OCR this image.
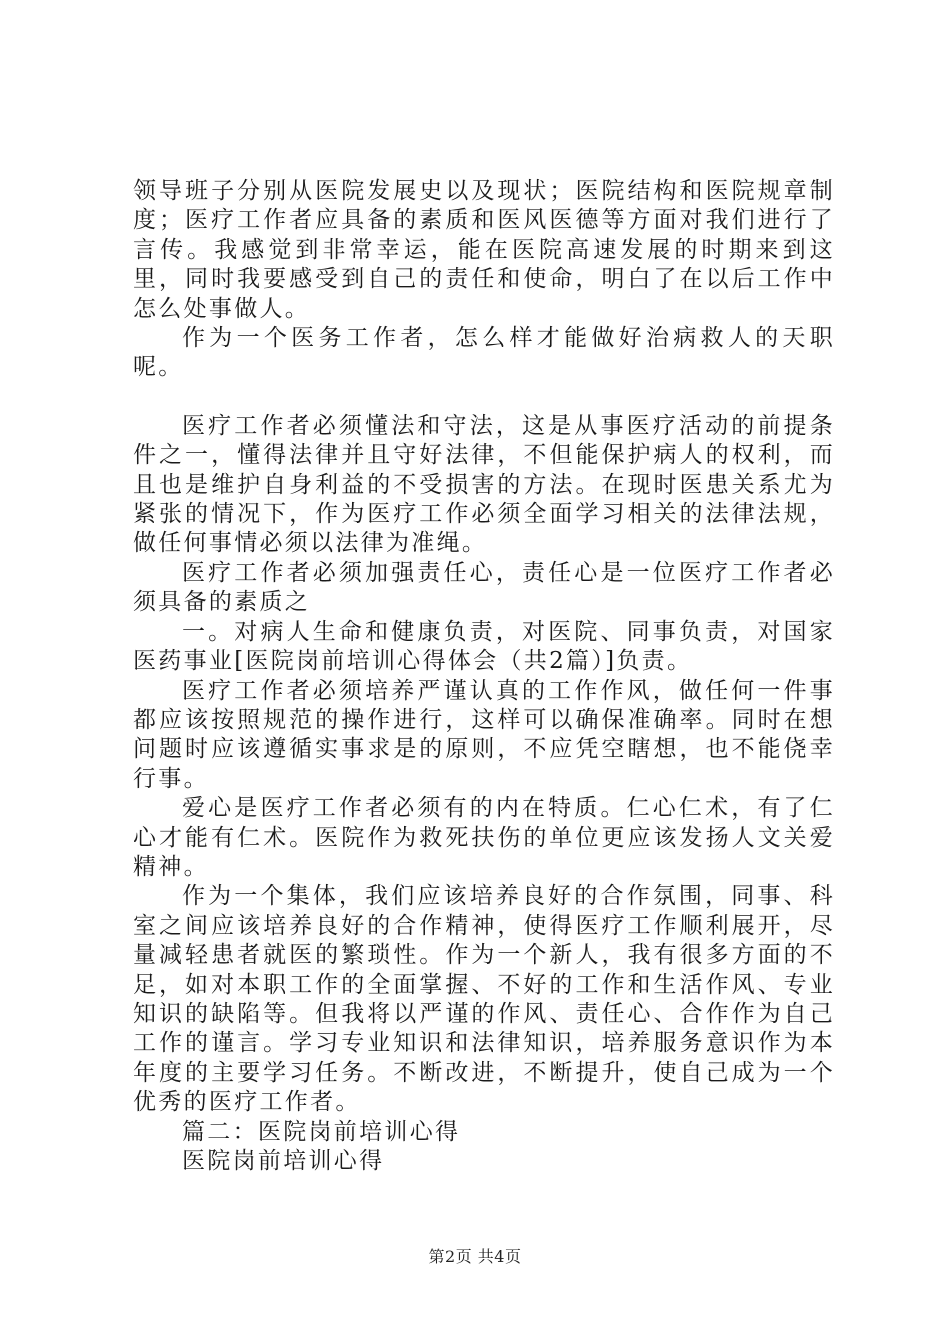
领导班子分别从医院发展史以及现状；医院结构和医院规章制度；医疗工作者应具备的素质和医风医德等方面对我们进行了言传。我感觉到非常幸运，能在医院高速发展的时期来到这里，同时我要感受到自己的责任和使命，明白了在以后工作中怎么处事做人。

作为一个医务工作者，怎么样才能做好治病救人的天职呢。

医疗工作者必须懂法和守法，这是从事医疗活动的前提条件之一，懂得法律并且守好法律，不但能保护病人的权利，而且也是维护自身利益的不受损害的方法。在现时医患关系尤为紧张的情况下，作为医疗工作必须全面学习相关的法律法规，做任何事情必须以法律为准绳。

医疗工作者必须加强责任心，责任心是一位医疗工作者必须具备的素质之

一。对病人生命和健康负责，对医院、同事负责，对国家医药事业[医院岗前培训心得体会（共2篇）]负责。

医疗工作者必须培养严谨认真的工作作风，做任何一件事都应该按照规范的操作进行，这样可以确保准确率。同时在想问题时应该遵循实事求是的原则，不应凭空瞎想，也不能侥幸行事。

爱心是医疗工作者必须有的内在特质。仁心仁术，有了仁心才能有仁术。医院作为救死扶伤的单位更应该发扬人文关爱精神。

作为一个集体，我们应该培养良好的合作氛围，同事、科室之间应该培养良好的合作精神，使得医疗工作顺利展开，尽量减轻患者就医的繁琐性。作为一个新人，我有很多方面的不足，如对本职工作的全面掌握、不好的工作和生活作风、专业知识的缺陷等。但我将以严谨的作风、责任心、合作作为自己工作的谨言。学习专业知识和法律知识，培养服务意识作为本年度的主要学习任务。不断改进，不断提升，使自己成为一个优秀的医疗工作者。

篇二：医院岗前培训心得

医院岗前培训心得

第2页 共4页
